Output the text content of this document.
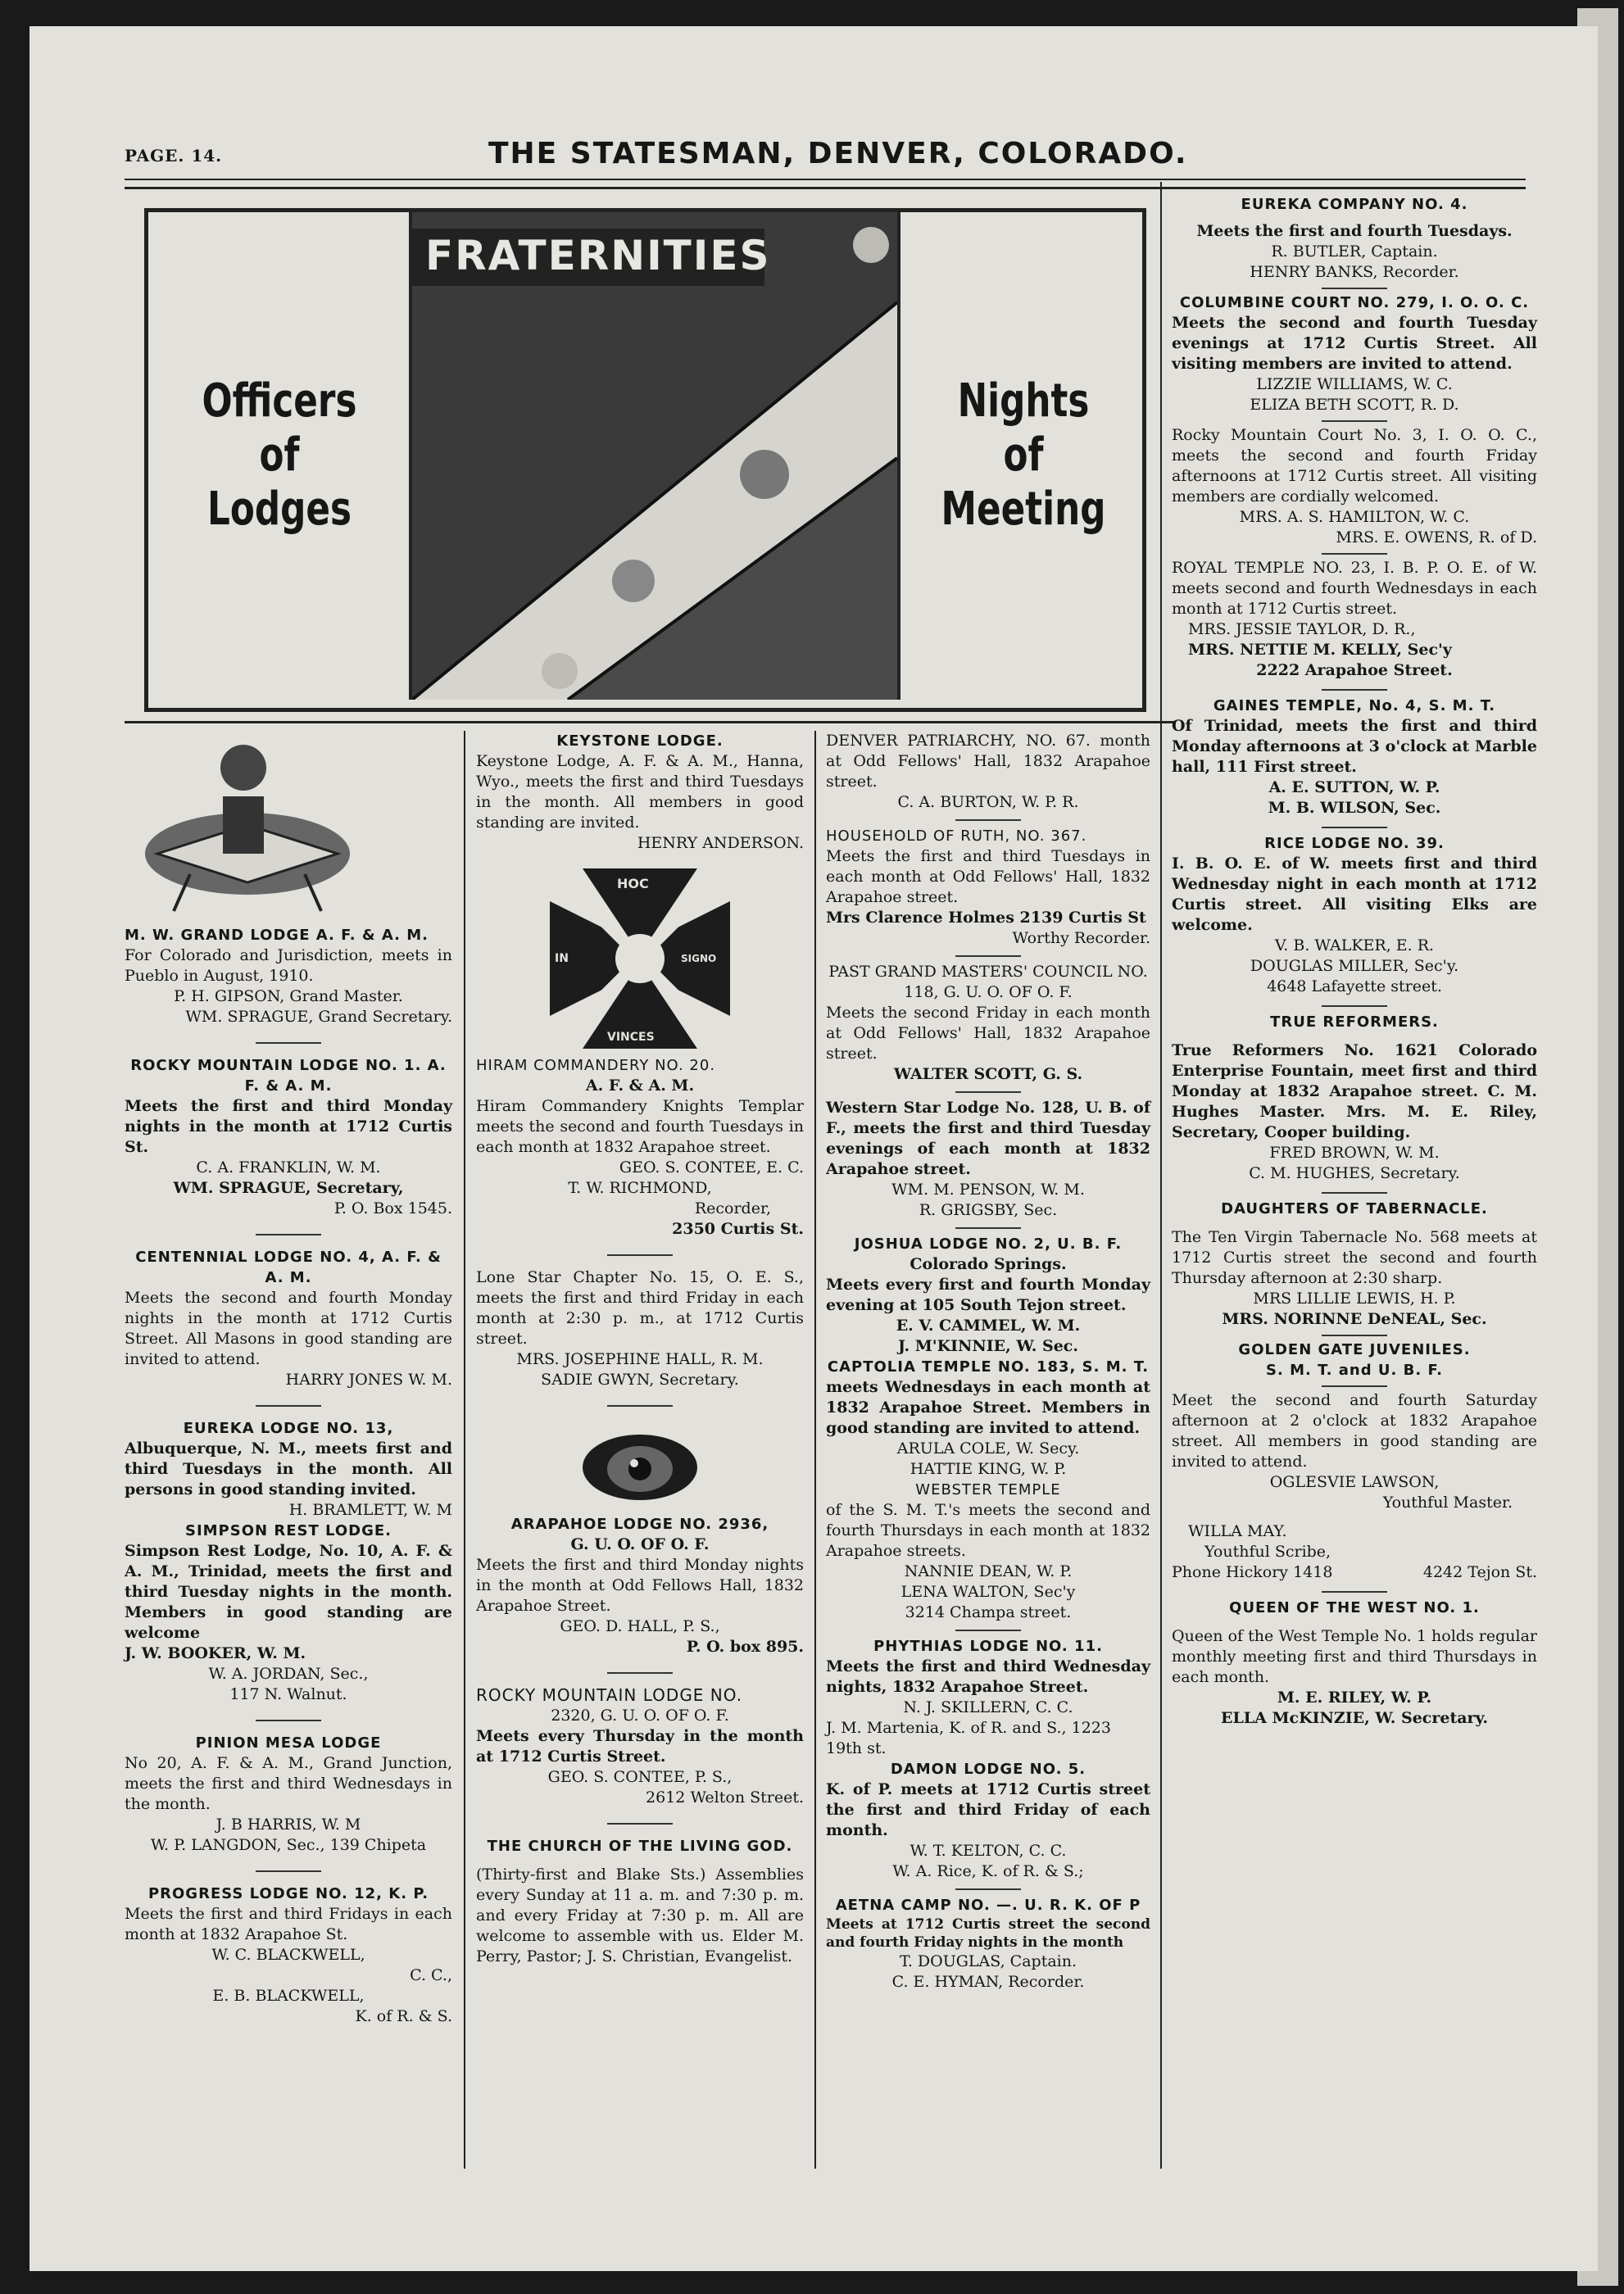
PAGE. 14.	THE STATESMAN, DENVER, COLORADO.
Officers
of
Lodges
FRATERNITIES
Nights
of
Meeting

M. W. GRAND LODGE A. F. & A. M.

For Colorado and Jurisdiction, meets in Pueblo in August, 1910.

P. H. GIPSON, Grand Master.

WM. SPRAGUE, Grand Secretary.

ROCKY MOUNTAIN LODGE NO. 1. A. F. & A. M.

Meets the first and third Monday nights in the month at 1712 Curtis St.

C. A. FRANKLIN, W. M.

WM. SPRAGUE, Secretary,

P. O. Box 1545.

CENTENNIAL LODGE NO. 4, A. F. & A. M.

Meets the second and fourth Monday nights in the month at 1712 Curtis Street. All Masons in good standing are invited to attend.

HARRY JONES W. M.

EUREKA LODGE NO. 13,

Albuquerque, N. M., meets first and third Tuesdays in the month. All persons in good standing invited.

H. BRAMLETT, W. M

SIMPSON REST LODGE.

Simpson Rest Lodge, No. 10, A. F. & A. M., Trinidad, meets the first and third Tuesday nights in the month. Members in good standing are welcome

J. W. BOOKER, W. M.

W. A. JORDAN, Sec.,

117 N. Walnut.

PINION MESA LODGE

No 20, A. F. & A. M., Grand Junction, meets the first and third Wednesdays in the month.

J. B HARRIS, W. M

W. P. LANGDON, Sec., 139 Chipeta

PROGRESS LODGE NO. 12, K. P.

Meets the first and third Fridays in each month at 1832 Arapahoe St.

W. C. BLACKWELL,

C. C.,

E. B. BLACKWELL,

K. of R. & S.

KEYSTONE LODGE.

Keystone Lodge, A. F. & A. M., Hanna, Wyo., meets the first and third Tuesdays in the month. All members in good standing are invited.

HENRY ANDERSON.

HOC
IN	SIGNO
VINCES

HIRAM COMMANDERY NO. 20.

A. F. & A. M.

Hiram Commandery Knights Templar meets the second and fourth Tuesdays in each month at 1832 Arapahoe street.

GEO. S. CONTEE, E. C.

T. W. RICHMOND,

Recorder,

2350 Curtis St.

Lone Star Chapter No. 15, O. E. S., meets the first and third Friday in each month at 2:30 p. m., at 1712 Curtis street.

MRS. JOSEPHINE HALL, R. M.

SADIE GWYN, Secretary.

ARAPAHOE LODGE NO. 2936,

G. U. O. OF O. F.

Meets the first and third Monday nights in the month at Odd Fellows Hall, 1832 Arapahoe Street.

GEO. D. HALL, P. S.,

P. O. box 895.

ROCKY MOUNTAIN LODGE NO.

2320, G. U. O. OF O. F.

Meets every Thursday in the month at 1712 Curtis Street.

GEO. S. CONTEE, P. S.,

2612 Welton Street.

THE CHURCH OF THE LIVING GOD.

(Thirty-first and Blake Sts.) Assemblies every Sunday at 11 a. m. and 7:30 p. m. and every Friday at 7:30 p. m. All are welcome to assemble with us. Elder M. Perry, Pastor; J. S. Christian, Evangelist.

DENVER PATRIARCHY, NO. 67. month at Odd Fellows' Hall, 1832 Arapahoe street.

C. A. BURTON, W. P. R.

HOUSEHOLD OF RUTH, NO. 367.

Meets the first and third Tuesdays in each month at Odd Fellows' Hall, 1832 Arapahoe street.

Mrs Clarence Holmes 2139 Curtis St

Worthy Recorder.

PAST GRAND MASTERS' COUNCIL NO. 118, G. U. O. OF O. F.

Meets the second Friday in each month at Odd Fellows' Hall, 1832 Arapahoe street.

WALTER SCOTT, G. S.

Western Star Lodge No. 128, U. B. of F., meets the first and third Tuesday evenings of each month at 1832 Arapahoe street.

WM. M. PENSON, W. M.

R. GRIGSBY, Sec.

JOSHUA LODGE NO. 2, U. B. F.

Colorado Springs.

Meets every first and fourth Monday evening at 105 South Tejon street.

E. V. CAMMEL, W. M.

J. M'KINNIE, W. Sec.

CAPTOLIA TEMPLE NO. 183, S. M. T.

meets Wednesdays in each month at 1832 Arapahoe Street. Members in good standing are invited to attend.

ARULA COLE, W. Secy.

HATTIE KING, W. P.

WEBSTER TEMPLE

of the S. M. T.'s meets the second and fourth Thursdays in each month at 1832 Arapahoe streets.

NANNIE DEAN, W. P.

LENA WALTON, Sec'y

3214 Champa street.

PHYTHIAS LODGE NO. 11.

Meets the first and third Wednesday nights, 1832 Arapahoe Street.

N. J. SKILLERN, C. C.

J. M. Martenia, K. of R. and S., 1223 19th st.

DAMON LODGE NO. 5.

K. of P. meets at 1712 Curtis street the first and third Friday of each month.

W. T. KELTON, C. C.

W. A. Rice, K. of R. & S.;

AETNA CAMP NO. —. U. R. K. OF P

Meets at 1712 Curtis street the second and fourth Friday nights in the month

T. DOUGLAS, Captain.

C. E. HYMAN, Recorder.

EUREKA COMPANY NO. 4.

Meets the first and fourth Tuesdays.

R. BUTLER, Captain.

HENRY BANKS, Recorder.

COLUMBINE COURT NO. 279, I. O. O. C.

Meets the second and fourth Tuesday evenings at 1712 Curtis Street. All visiting members are invited to attend.

LIZZIE WILLIAMS, W. C.

ELIZA BETH SCOTT, R. D.

Rocky Mountain Court No. 3, I. O. O. C., meets the second and fourth Friday afternoons at 1712 Curtis street. All visiting members are cordially welcomed.

MRS. A. S. HAMILTON, W. C.

MRS. E. OWENS, R. of D.

ROYAL TEMPLE NO. 23, I. B. P. O. E. of W. meets second and fourth Wednesdays in each month at 1712 Curtis street.

MRS. JESSIE TAYLOR, D. R.,

MRS. NETTIE M. KELLY, Sec'y

2222 Arapahoe Street.

GAINES TEMPLE, No. 4, S. M. T.

Of Trinidad, meets the first and third Monday afternoons at 3 o'clock at Marble hall, 111 First street.

A. E. SUTTON, W. P.

M. B. WILSON, Sec.

RICE LODGE NO. 39.

I. B. O. E. of W. meets first and third Wednesday night in each month at 1712 Curtis street. All visiting Elks are welcome.

V. B. WALKER, E. R.

DOUGLAS MILLER, Sec'y.

4648 Lafayette street.

TRUE REFORMERS.

True Reformers No. 1621 Colorado Enterprise Fountain, meet first and third Monday at 1832 Arapahoe street. C. M. Hughes Master. Mrs. M. E. Riley, Secretary, Cooper building.

FRED BROWN, W. M.

C. M. HUGHES, Secretary.

DAUGHTERS OF TABERNACLE.

The Ten Virgin Tabernacle No. 568 meets at 1712 Curtis street the second and fourth Thursday afternoon at 2:30 sharp.

MRS LILLIE LEWIS, H. P.

MRS. NORINNE DeNEAL, Sec.

GOLDEN GATE JUVENILES.

S. M. T. and U. B. F.

Meet the second and fourth Saturday afternoon at 2 o'clock at 1832 Arapahoe street. All members in good standing are invited to attend.

OGLESVIE LAWSON,

Youthful Master.

WILLA MAY.

Youthful Scribe,

Phone Hickory 1418	4242 Tejon St.

QUEEN OF THE WEST NO. 1.

Queen of the West Temple No. 1 holds regular monthly meeting first and third Thursdays in each month.

M. E. RILEY, W. P.

ELLA McKINZIE, W. Secretary.
